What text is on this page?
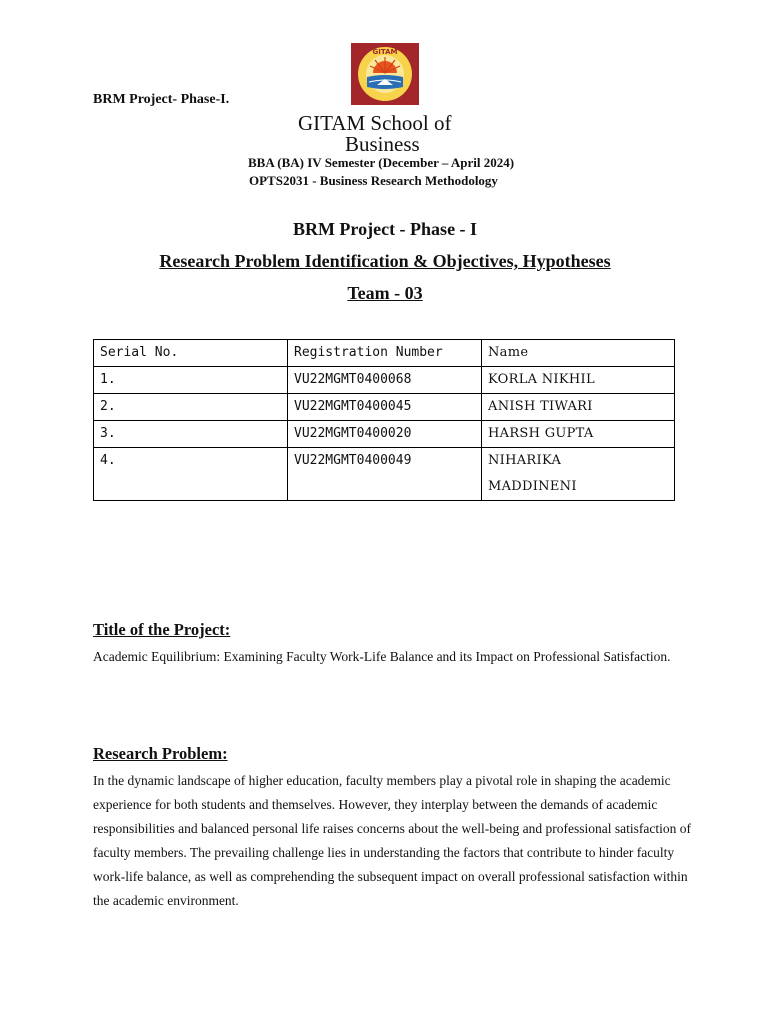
GITAM
BRM Project- Phase-I.
GITAM School of
Business
BBA (BA) IV Semester (December – April 2024)
OPTS2031 - Business Research Methodology
BRM Project - Phase - I
Research Problem Identification & Objectives, Hypotheses
Team - 03
Serial No.	Registration Number	Name
1.	VU22MGMT0400068	KORLA NIKHIL
2.	VU22MGMT0400045	ANISH TIWARI
3.	VU22MGMT0400020	HARSH GUPTA
4.	VU22MGMT0400049	NIHARIKA
MADDINENI
Title of the Project:
Academic Equilibrium: Examining Faculty Work-Life Balance and its Impact on Professional Satisfaction.
Research Problem:
In the dynamic landscape of higher education, faculty members play a pivotal role in shaping the academic experience for both students and themselves. However, they interplay between the demands of academic responsibilities and balanced personal life raises concerns about the well-being and professional satisfaction of faculty members. The prevailing challenge lies in understanding the factors that contribute to hinder faculty work-life balance, as well as comprehending the subsequent impact on overall professional satisfaction within the academic environment.
